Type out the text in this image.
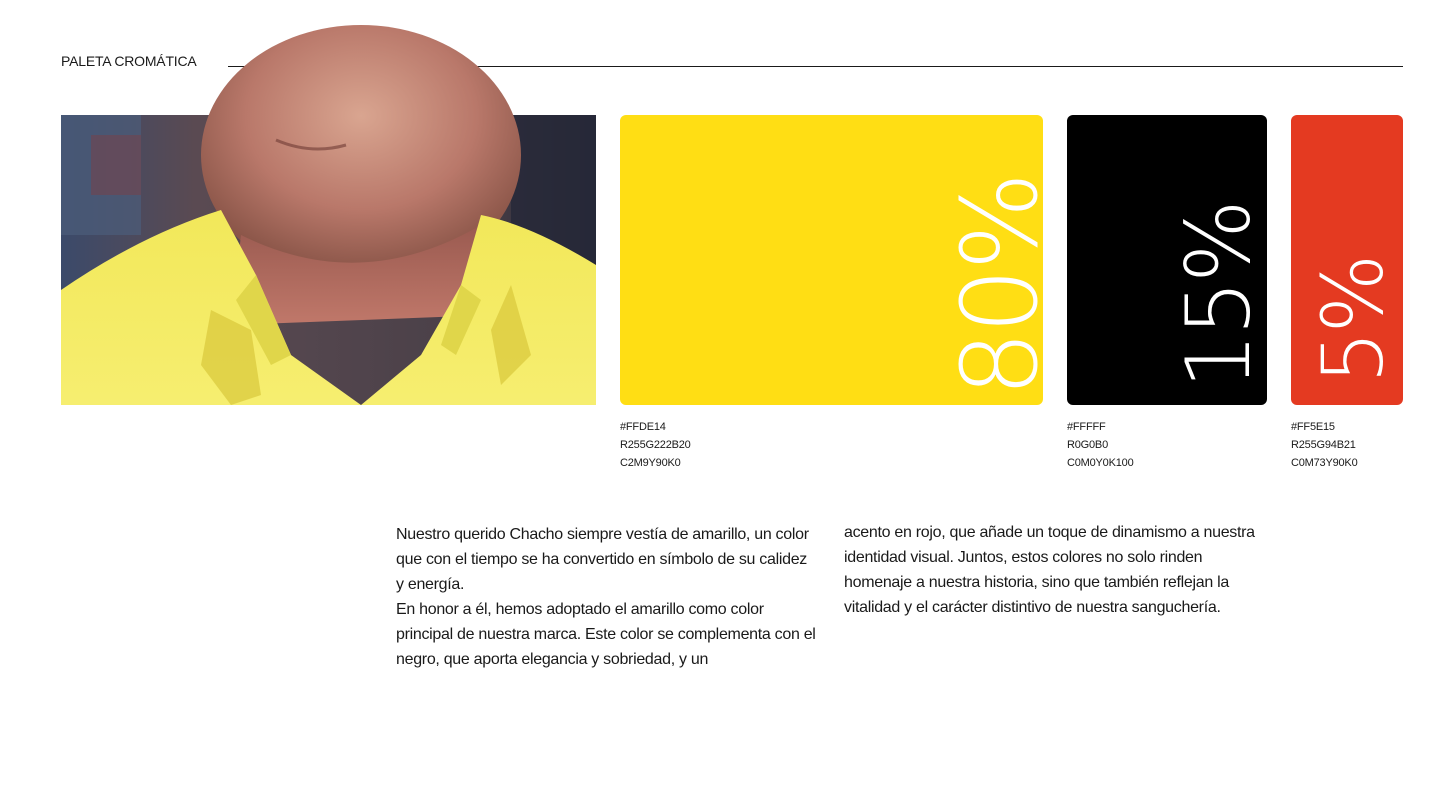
PALETA CROMÁTICA
80%
#FFDE14
R255G222B20
C2M9Y90K0
15%
#FFFFF
R0G0B0
C0M0Y0K100
5%
#FF5E15
R255G94B21
C0M73Y90K0

Nuestro querido Chacho siempre vestía de amarillo, un color que con el tiempo se ha convertido en símbolo de su calidez y energía.

En honor a él, hemos adoptado el amarillo como color principal de nuestra marca. Este color se complementa con el negro, que aporta elegancia y sobriedad, y un

acento en rojo, que añade un toque de dinamismo a nuestra identidad visual. Juntos, estos colores no solo rinden homenaje a nuestra historia, sino que también reflejan la vitalidad y el carácter distintivo de nuestra sanguchería.
